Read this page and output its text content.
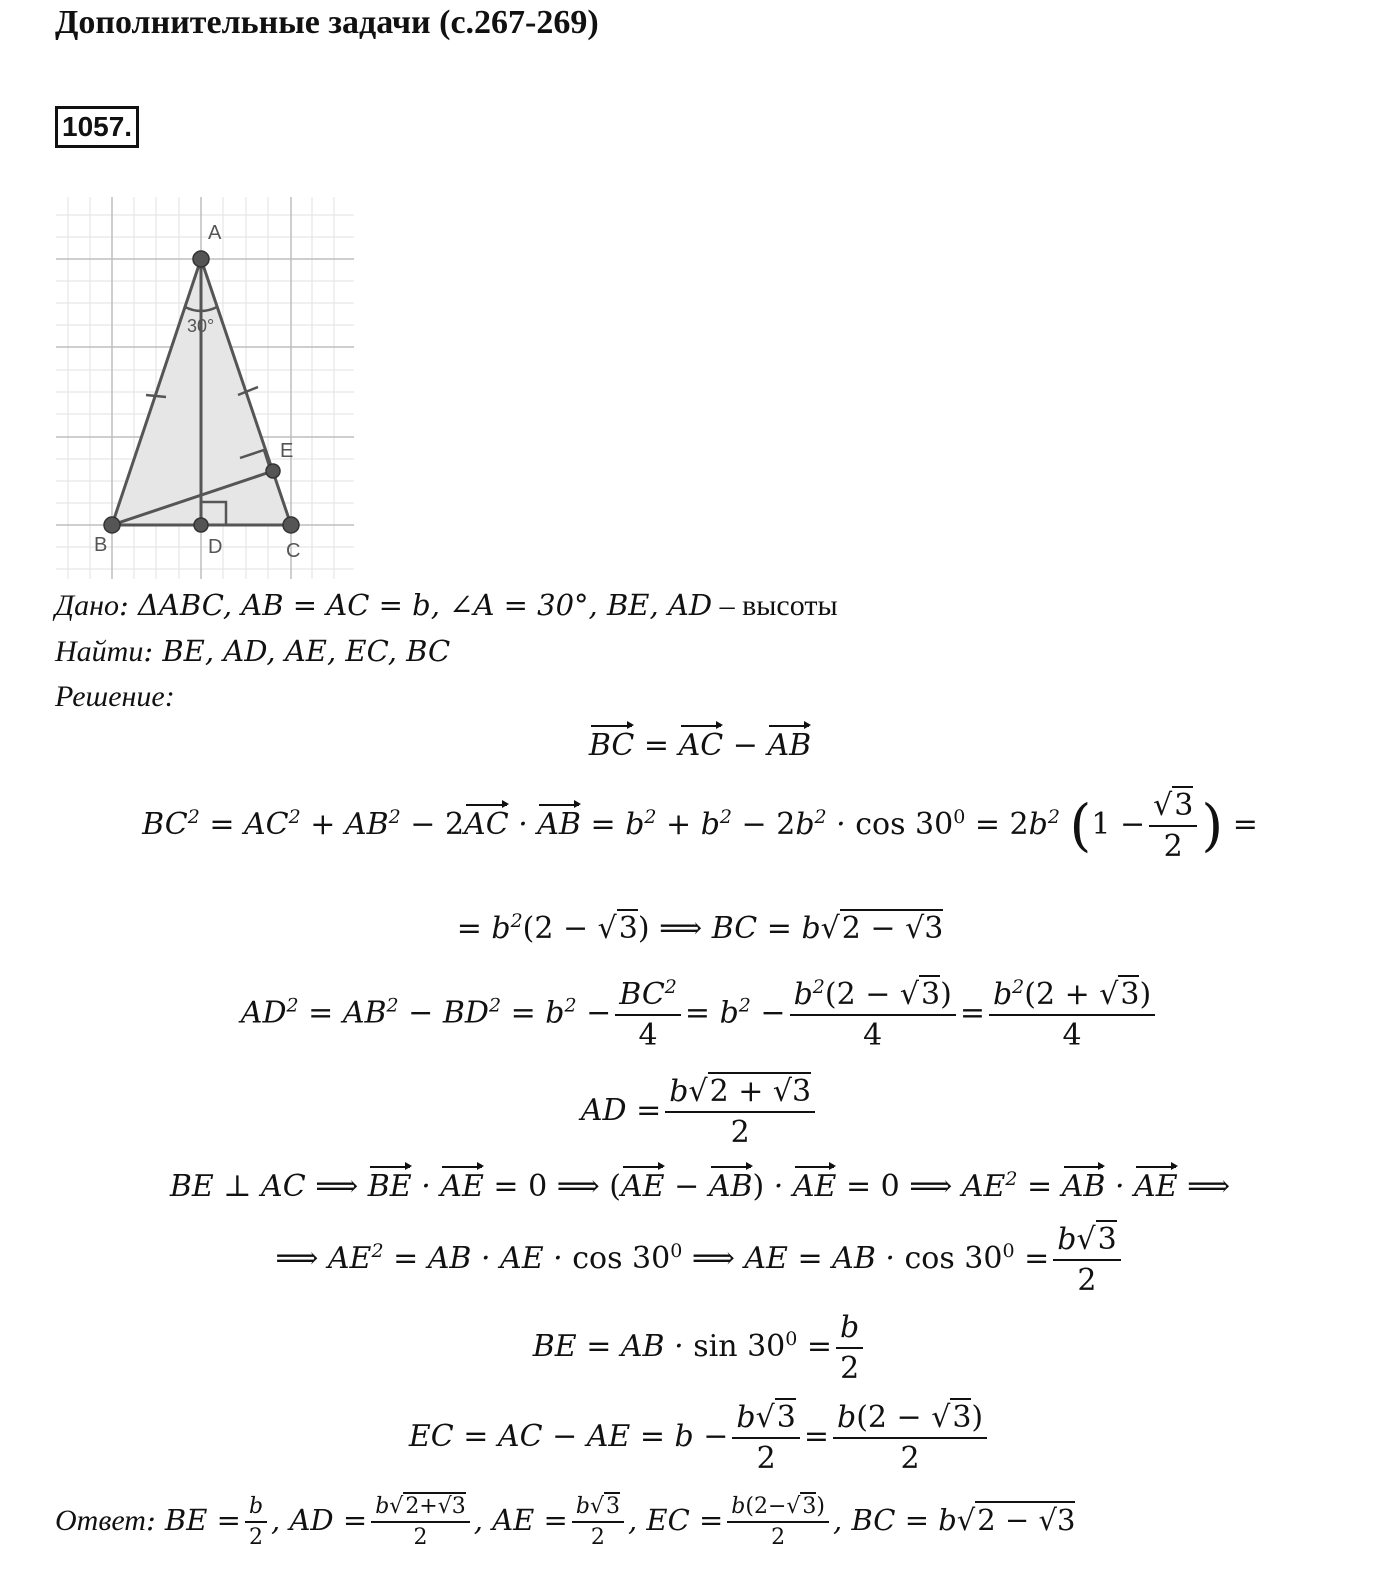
Дополнительные задачи (с.267-269)
1057.
A
B	C
D
E
30°
Дано: ΔABC, AB = AC = b, ∠A = 30°, BE, AD – высоты
Найти: BE, AD, AE, EC, BC
Решение:
BC = AC − AB
$BC^2 = AC^2 + AB^2 - 2AC$ · AB = $b^2 + b^2 - 2b^2 \cdot \cos 30^0 = 2b^2$ ($1 - \frac{√3}{2}$ ) =
= $b^2(2 - √3)$ ⟹ BC = b√2 − √3
$AD^2 = AB^2 - BD^2 = b^2 - \frac{BC^2}{4} = b^2 - \frac{b^2(2 - √3)}{4} = \frac{b^2(2 + √3)}{4}$
AD = $\frac{b√2 + √3}{2}$
BE ⊥ AC ⟹ BE · AE = 0 ⟹ (AE − AB) · AE = 0 ⟹ $AE^2$ = AB · AE ⟹
⟹ $AE^2$ = AB · AE · $\cos 30^0$ ⟹ AE = AB · $\cos 30^0 = \frac{b√3}{2}$
BE = AB · $\sin 30^0 = \frac{b}{2}$
EC = AC − AE = $b - \frac{b√3}{2} = \frac{b(2 - √3)}{2}$
Ответ: BE = $\frac{b}{2}$ , AD = $\frac{b√2+√3}{2}$ , AE = $\frac{b√3}{2}$ , EC = $\frac{b(2-√3)}{2}$ , BC = b√2 − √3
